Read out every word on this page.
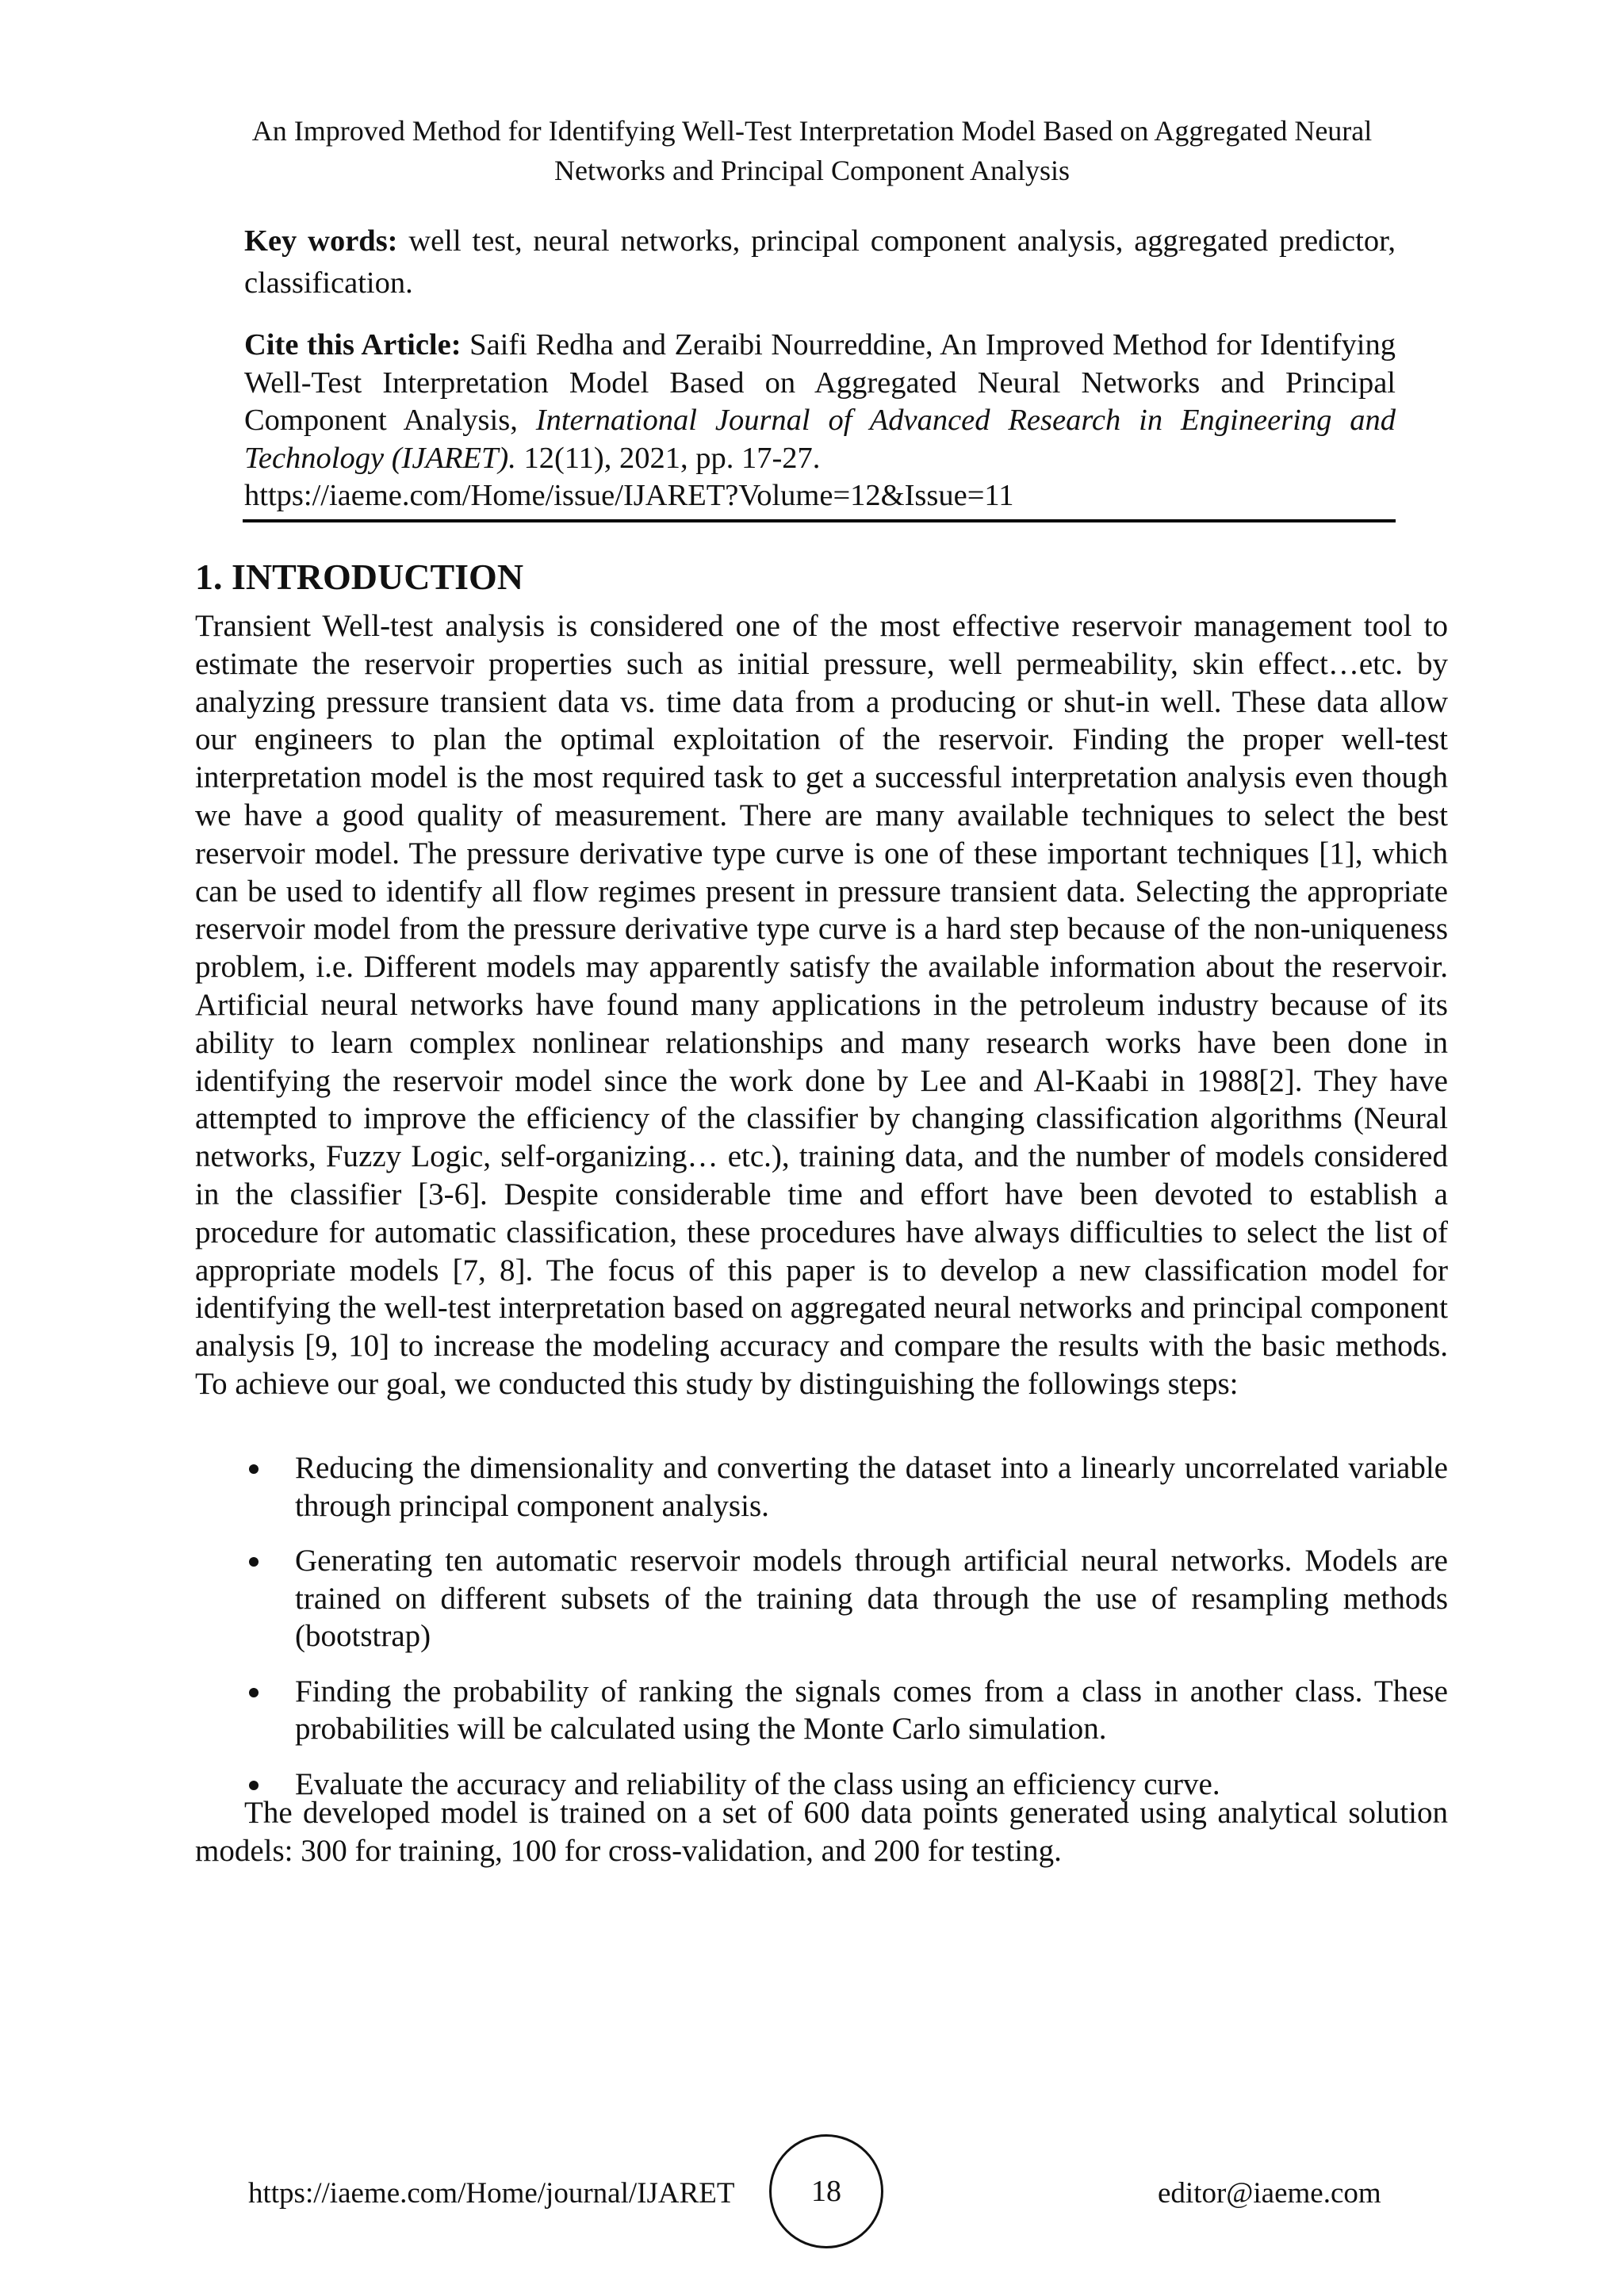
An Improved Method for Identifying Well-Test Interpretation Model Based on Aggregated Neural

Networks and Principal Component Analysis

Key words: well test, neural networks, principal component analysis, aggregated predictor, classification.

Cite this Article: Saifi Redha and Zeraibi Nourreddine, An Improved Method for Identifying Well-Test Interpretation Model Based on Aggregated Neural Networks and Principal Component Analysis, International Journal of Advanced Research in Engineering and Technology (IJARET). 12(11), 2021, pp. 17-27.
https://iaeme.com/Home/issue/IJARET?Volume=12&Issue=11

1. INTRODUCTION

Transient Well-test analysis is considered one of the most effective reservoir management tool to estimate the reservoir properties such as initial pressure, well permeability, skin effect…etc. by analyzing pressure transient data vs. time data from a producing or shut-in well. These data allow our engineers to plan the optimal exploitation of the reservoir. Finding the proper well-test interpretation model is the most required task to get a successful interpretation analysis even though we have a good quality of measurement. There are many available techniques to select the best reservoir model. The pressure derivative type curve is one of these important techniques [1], which can be used to identify all flow regimes present in pressure transient data. Selecting the appropriate reservoir model from the pressure derivative type curve is a hard step because of the non-uniqueness problem, i.e. Different models may apparently satisfy the available information about the reservoir. Artificial neural networks have found many applications in the petroleum industry because of its ability to learn complex nonlinear relationships and many research works have been done in identifying the reservoir model since the work done by Lee and Al-Kaabi in 1988[2]. They have attempted to improve the efficiency of the classifier by changing classification algorithms (Neural networks, Fuzzy Logic, self-organizing… etc.), training data, and the number of models considered in the classifier [3-6]. Despite considerable time and effort have been devoted to establish a procedure for automatic classification, these procedures have always difficulties to select the list of appropriate models [7, 8]. The focus of this paper is to develop a new classification model for identifying the well-test interpretation based on aggregated neural networks and principal component analysis [9, 10] to increase the modeling accuracy and compare the results with the basic methods. To achieve our goal, we conducted this study by distinguishing the followings steps:

Reducing the dimensionality and converting the dataset into a linearly uncorrelated variable through principal component analysis.
Generating ten automatic reservoir models through artificial neural networks. Models are trained on different subsets of the training data through the use of resampling methods (bootstrap)
Finding the probability of ranking the signals comes from a class in another class. These probabilities will be calculated using the Monte Carlo simulation.
Evaluate the accuracy and reliability of the class using an efficiency curve.

The developed model is trained on a set of 600 data points generated using analytical solution models: 300 for training, 100 for cross-validation, and 200 for testing.

https://iaeme.com/Home/journal/IJARET	18	editor@iaeme.com
